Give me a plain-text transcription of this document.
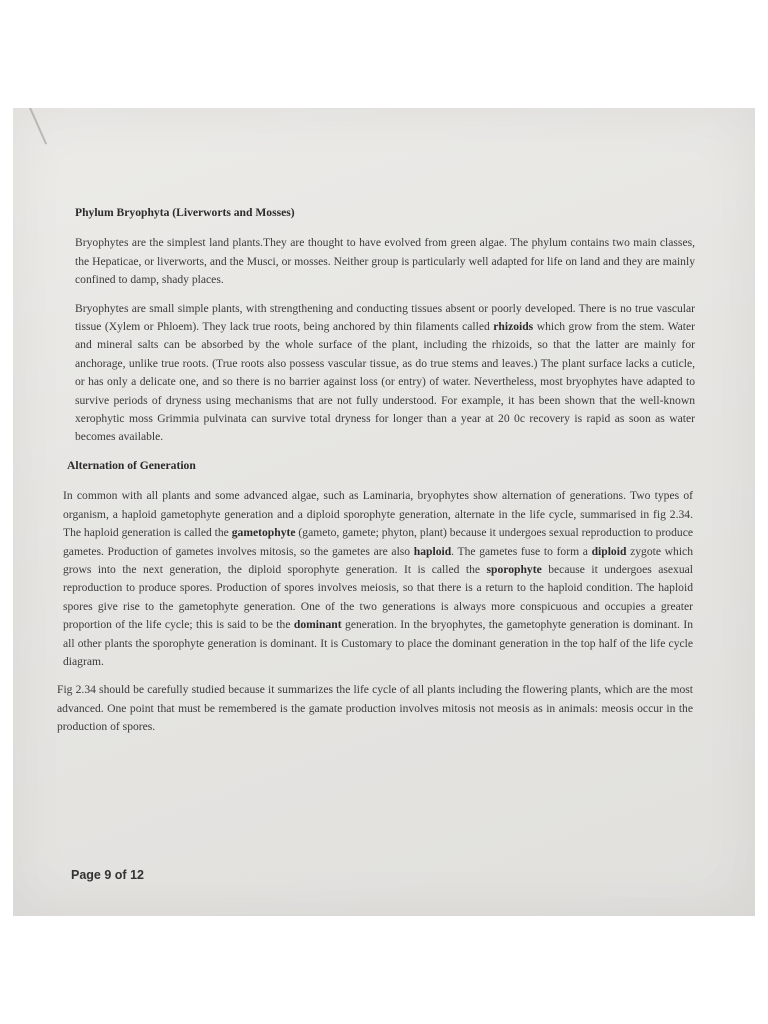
Phylum Bryophyta (Liverworts and Mosses)

Bryophytes are the simplest land plants.They are thought to have evolved from green algae. The phylum contains two main classes, the Hepaticae, or liverworts, and the Musci, or mosses. Neither group is particularly well adapted for life on land and they are mainly confined to damp, shady places.

Bryophytes are small simple plants, with strengthening and conducting tissues absent or poorly developed. There is no true vascular tissue (Xylem or Phloem). They lack true roots, being anchored by thin filaments called rhizoids which grow from the stem. Water and mineral salts can be absorbed by the whole surface of the plant, including the rhizoids, so that the latter are mainly for anchorage, unlike true roots. (True roots also possess vascular tissue, as do true stems and leaves.) The plant surface lacks a cuticle, or has only a delicate one, and so there is no barrier against loss (or entry) of water. Nevertheless, most bryophytes have adapted to survive periods of dryness using mechanisms that are not fully understood. For example, it has been shown that the well-known xerophytic moss Grimmia pulvinata can survive total dryness for longer than a year at 20 0c recovery is rapid as soon as water becomes available.

Alternation of Generation

In common with all plants and some advanced algae, such as Laminaria, bryophytes show alternation of generations. Two types of organism, a haploid gametophyte generation and a diploid sporophyte generation, alternate in the life cycle, summarised in fig 2.34. The haploid generation is called the gametophyte (gameto, gamete; phyton, plant) because it undergoes sexual reproduction to produce gametes. Production of gametes involves mitosis, so the gametes are also haploid. The gametes fuse to form a diploid zygote which grows into the next generation, the diploid sporophyte generation. It is called the sporophyte because it undergoes asexual reproduction to produce spores. Production of spores involves meiosis, so that there is a return to the haploid condition. The haploid spores give rise to the gametophyte generation. One of the two generations is always more conspicuous and occupies a greater proportion of the life cycle; this is said to be the dominant generation. In the bryophytes, the gametophyte generation is dominant. In all other plants the sporophyte generation is dominant. It is Customary to place the dominant generation in the top half of the life cycle diagram.

Fig 2.34 should be carefully studied because it summarizes the life cycle of all plants including the flowering plants, which are the most advanced. One point that must be remembered is the gamate production involves mitosis not meosis as in animals: meosis occur in the production of spores.

Page 9 of 12
